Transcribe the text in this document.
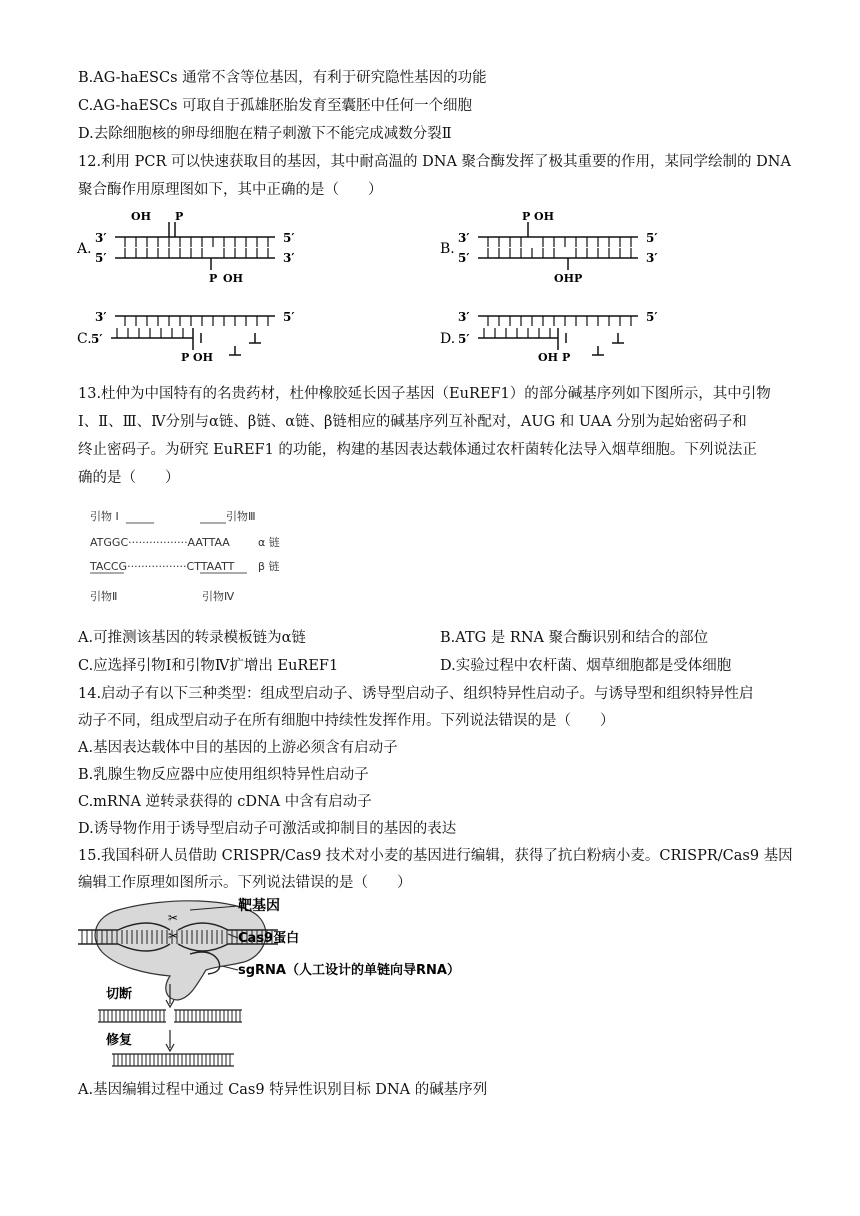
B.AG-haESCs 通常不含等位基因，有利于研究隐性基因的功能
C.AG-haESCs 可取自于孤雄胚胎发育至囊胚中任何一个细胞
D.去除细胞核的卵母细胞在精子刺激下不能完成减数分裂Ⅱ
12.利用 PCR 可以快速获取目的基因，其中耐高温的 DNA 聚合酶发挥了极其重要的作用，某同学绘制的 DNA
聚合酶作用原理图如下，其中正确的是（　　）
A.
OH P
3′	5′
5′	3′
P OH
B.
P OH
3′	5′
5′	3′
OH P
3′	5′
C. 5′
P OH
3′	5′
D. 5′
OH P
13.杜仲为中国特有的名贵药材，杜仲橡胶延长因子基因（EuREF1）的部分碱基序列如下图所示，其中引物
Ⅰ、Ⅱ、Ⅲ、Ⅳ分别与α链、β链、α链、β链相应的碱基序列互补配对，AUG 和 UAA 分别为起始密码子和
终止密码子。为研究 EuREF1 的功能，构建的基因表达载体通过农杆菌转化法导入烟草细胞。下列说法正
确的是（　　）
引物 Ⅰ	引物Ⅲ
ATGGC·················AATTAA	α 链
TACCG·················CTTAATT β 链
引物Ⅱ	引物Ⅳ
A.可推测该基因的转录模板链为α链	B.ATG 是 RNA 聚合酶识别和结合的部位
C.应选择引物Ⅰ和引物Ⅳ扩增出 EuREF1	D.实验过程中农杆菌、烟草细胞都是受体细胞
14.启动子有以下三种类型：组成型启动子、诱导型启动子、组织特异性启动子。与诱导型和组织特异性启
动子不同，组成型启动子在所有细胞中持续性发挥作用。下列说法错误的是（　　）
A.基因表达载体中目的基因的上游必须含有启动子
B.乳腺生物反应器中应使用组织特异性启动子
C.mRNA 逆转录获得的 cDNA 中含有启动子
D.诱导物作用于诱导型启动子可激活或抑制目的基因的表达
15.我国科研人员借助 CRISPR/Cas9 技术对小麦的基因进行编辑，获得了抗白粉病小麦。CRISPR/Cas9 基因
编辑工作原理如图所示。下列说法错误的是（　　）
✂
✂
靶基因
Cas9蛋白
sgRNA（人工设计的单链向导RNA）
切断
修复
A.基因编辑过程中通过 Cas9 特异性识别目标 DNA 的碱基序列
